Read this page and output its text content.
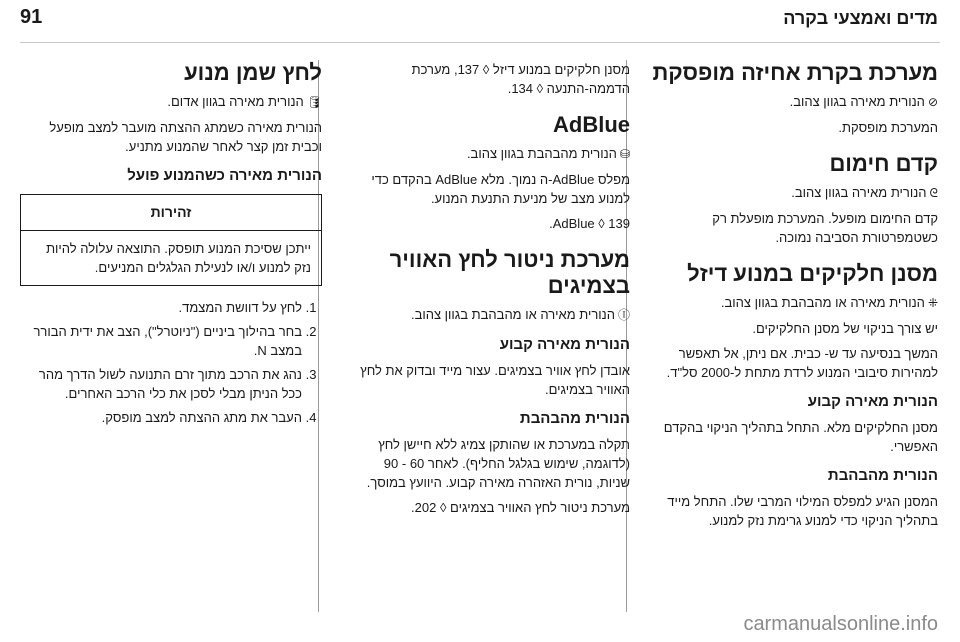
91	מדים ואמצעי בקרה
מערכת בקרת אחיזה מופסקת

⊘הנורית מאירה בגוון צהוב.

המערכת מופסקת.

קדם חימום

ᘓהנורית מאירה בגוון צהוב.

קדם החימום מופעל. המערכת מופעלת רק כשטמפרטורת הסביבה נמוכה.

מסנן חלקיקים במנוע דיזל

⁜הנורית מאירה או מהבהבת בגוון צהוב.

יש צורך בניקוי של מסנן החלקיקים.

המשך בנסיעה עד ש- כבית. אם ניתן, אל תאפשר למהירות סיבובי המנוע לרדת מתחת ל-2000 סל"ד.

הנורית מאירה קבוע

מסנן החלקיקים מלא. התחל בתהליך הניקוי בהקדם האפשרי.

הנורית מהבהבת

המסנן הגיע למפלס המילוי המרבי שלו. התחל מייד בתהליך הניקוי כדי למנוע גרימת נזק למנוע.

מסנן חלקיקים במנוע דיזל ◊ 137, מערכת הדממה-התנעה ◊ 134.

AdBlue

⛁הנורית מהבהבת בגוון צהוב.

מפלס AdBlue-ה נמוך. מלא AdBlue בהקדם כדי למנוע מצב של מניעת התנעת המנוע.

AdBlue ◊ 139.

מערכת ניטור לחץ האוויר בצמיגים

Ⓘהנורית מאירה או מהבהבת בגוון צהוב.

הנורית מאירה קבוע

אובדן לחץ אוויר בצמיגים. עצור מייד ובדוק את לחץ האוויר בצמיגים.

הנורית מהבהבת

תקלה במערכת או שהותקן צמיג ללא חיישן לחץ (לדוגמה, שימוש בגלגל החליף). לאחר 60 - 90 שניות, נורית האזהרה מאירה קבוע. היוועץ במוסך.

מערכת ניטור לחץ האוויר בצמיגים ◊ 202.

לחץ שמן מנוע

🛢הנורית מאירה בגוון אדום.

הנורית מאירה כשמתג ההצתה מועבר למצב מופעל וכבית זמן קצר לאחר שהמנוע מתניע.

הנורית מאירה כשהמנוע פועל
זהירות
ייתכן שסיכת המנוע תופסק. התוצאה עלולה להיות נזק למנוע ו/או לנעילת הגלגלים המניעים.
1. לחץ על דוושת המצמד.
2. בחר בהילוך ביניים ("ניוטרל"), הצב את ידית הבורר במצב N.
3. נהג את הרכב מתוך זרם התנועה לשול הדרך מהר ככל הניתן מבלי לסכן את כלי הרכב האחרים.
4. העבר את מתג ההצתה למצב מופסק.
carmanualsonline.info
